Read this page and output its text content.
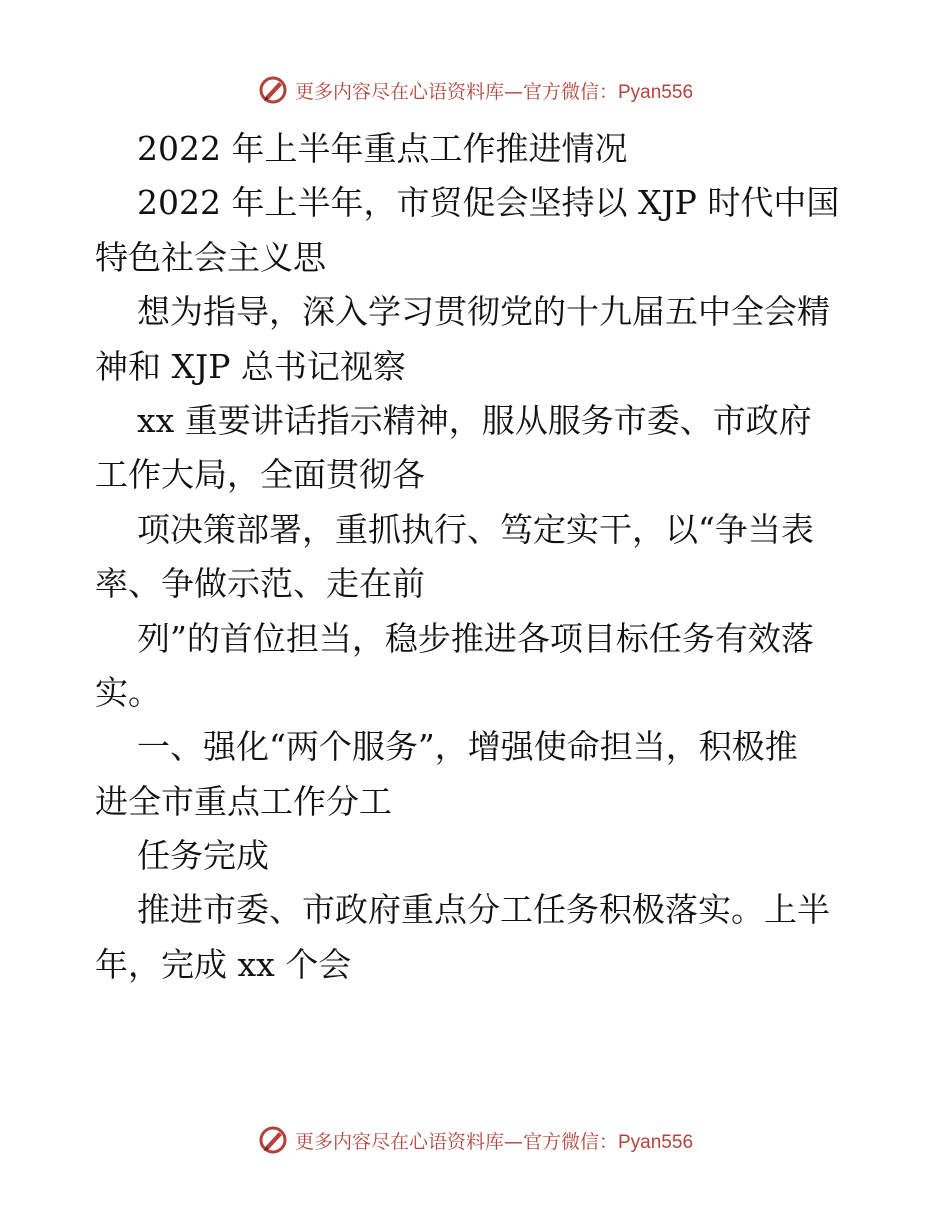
更多内容尽在心语资料库—官方微信：Pyan556
2022 年上半年重点工作推进情况
2022 年上半年，市贸促会坚持以 XJP 时代中国
特色社会主义思
想为指导，深入学习贯彻党的十九届五中全会精
神和 XJP 总书记视察
xx 重要讲话指示精神，服从服务市委、市政府
工作大局，全面贯彻各
项决策部署，重抓执行、笃定实干，以“争当表
率、争做示范、走在前
列”的首位担当，稳步推进各项目标任务有效落
实。
一、强化“两个服务”，增强使命担当，积极推
进全市重点工作分工
任务完成
推进市委、市政府重点分工任务积极落实。上半
年，完成 xx 个会
更多内容尽在心语资料库—官方微信：Pyan556
